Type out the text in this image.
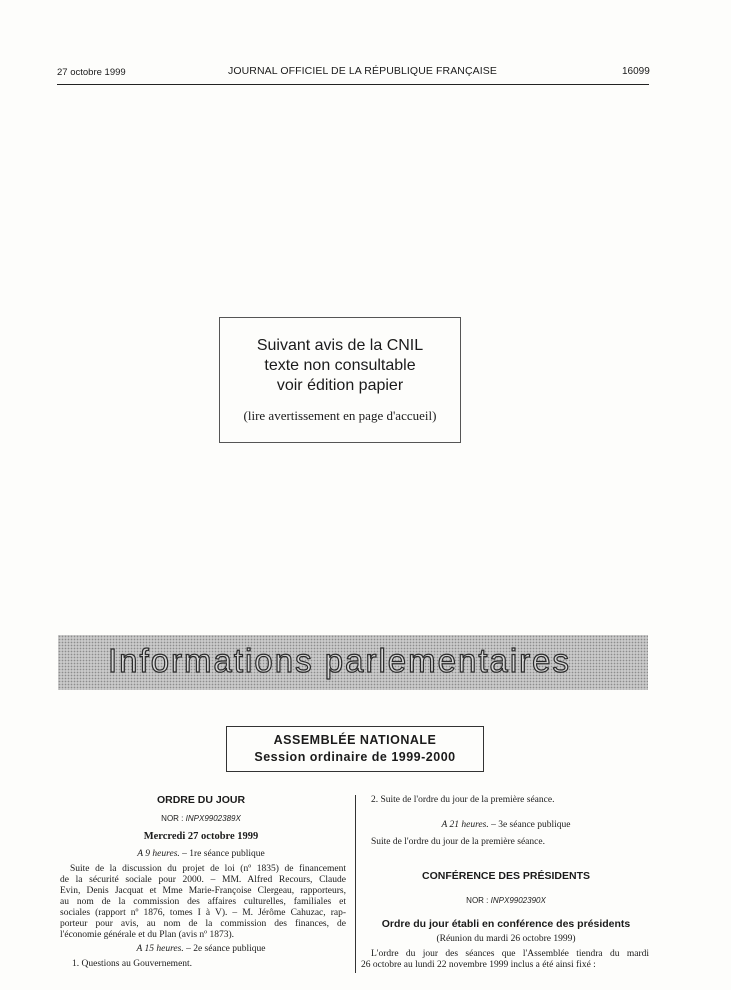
27 octobre 1999	JOURNAL OFFICIEL DE LA RÉPUBLIQUE FRANÇAISE	16099
Suivant avis de la CNIL
texte non consultable
voir édition papier
(lire avertissement en page d'accueil)
Informations parlementaires
ASSEMBLÉE NATIONALE
Session ordinaire de 1999-2000
ORDRE DU JOUR
NOR : INPX9902389X
Mercredi 27 octobre 1999
A 9 heures. – 1re séance publique
Suite de la discussion du projet de loi (nº 1835) de financement
de la sécurité sociale pour 2000. – MM. Alfred Recours, Claude
Evin, Denis Jacquat et Mme Marie-Françoise Clergeau, rapporteurs,
au nom de la commission des affaires culturelles, familiales et
sociales (rapport nº 1876, tomes I à V). – M. Jérôme Cahuzac, rap-
porteur pour avis, au nom de la commission des finances, de
l'économie générale et du Plan (avis nº 1873).
A 15 heures. – 2e séance publique
1. Questions au Gouvernement.
2. Suite de l'ordre du jour de la première séance.
A 21 heures. – 3e séance publique
Suite de l'ordre du jour de la première séance.
CONFÉRENCE DES PRÉSIDENTS
NOR : INPX9902390X
Ordre du jour établi en conférence des présidents
(Réunion du mardi 26 octobre 1999)
L'ordre du jour des séances que l'Assemblée tiendra du mardi
26 octobre au lundi 22 novembre 1999 inclus a été ainsi fixé :
